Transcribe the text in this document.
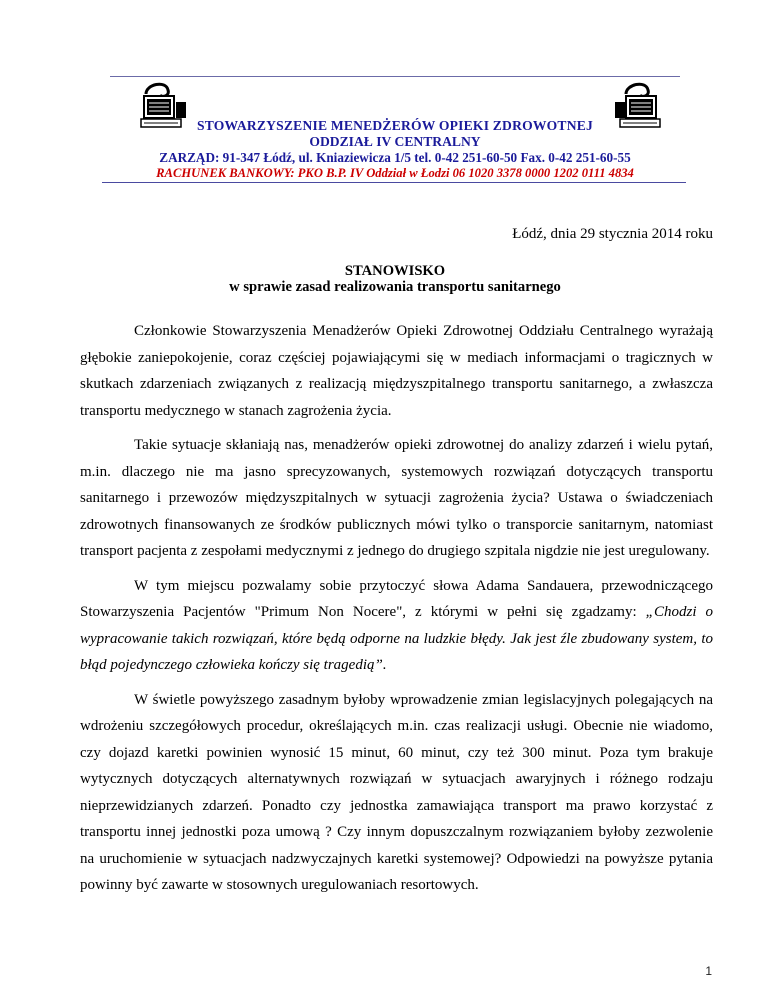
STOWARZYSZENIE MENEDŻERÓW OPIEKI ZDROWOTNEJ
ODDZIAŁ IV CENTRALNY
ZARZĄD: 91-347 Łódź, ul. Kniaziewicza 1/5 tel. 0-42 251-60-50 Fax. 0-42 251-60-55
RACHUNEK BANKOWY: PKO B.P. IV Oddział w Łodzi 06 1020 3378 0000 1202 0111 4834
Łódź, dnia 29 stycznia 2014 roku
STANOWISKO
w sprawie zasad realizowania transportu sanitarnego

Członkowie Stowarzyszenia Menadżerów Opieki Zdrowotnej Oddziału Centralnego wyrażają głębokie zaniepokojenie, coraz częściej pojawiającymi się w mediach informacjami o tragicznych w skutkach zdarzeniach związanych z realizacją międzyszpitalnego transportu sanitarnego, a zwłaszcza transportu medycznego w stanach zagrożenia życia.

Takie sytuacje skłaniają nas, menadżerów opieki zdrowotnej do analizy zdarzeń i wielu pytań, m.in. dlaczego nie ma jasno sprecyzowanych, systemowych rozwiązań dotyczących transportu sanitarnego i przewozów międzyszpitalnych w sytuacji zagrożenia życia? Ustawa o świadczeniach zdrowotnych finansowanych ze środków publicznych mówi tylko o transporcie sanitarnym, natomiast transport pacjenta z zespołami medycznymi z jednego do drugiego szpitala nigdzie nie jest uregulowany.

W tym miejscu pozwalamy sobie przytoczyć słowa Adama Sandauera, przewodniczącego Stowarzyszenia Pacjentów "Primum Non Nocere", z którymi w pełni się zgadzamy: „Chodzi o wypracowanie takich rozwiązań, które będą odporne na ludzkie błędy. Jak jest źle zbudowany system, to błąd pojedynczego człowieka kończy się tragedią”.

W świetle powyższego zasadnym byłoby wprowadzenie zmian legislacyjnych polegających na wdrożeniu szczegółowych procedur, określających m.in. czas realizacji usługi. Obecnie nie wiadomo, czy dojazd karetki powinien wynosić 15 minut, 60 minut, czy też 300 minut. Poza tym brakuje wytycznych dotyczących alternatywnych rozwiązań w sytuacjach awaryjnych i różnego rodzaju nieprzewidzianych zdarzeń. Ponadto czy jednostka zamawiająca transport ma prawo korzystać z transportu innej jednostki poza umową ? Czy innym dopuszczalnym rozwiązaniem byłoby zezwolenie na uruchomienie w sytuacjach nadzwyczajnych karetki systemowej? Odpowiedzi na powyższe pytania powinny być zawarte w stosownych uregulowaniach resortowych.

1
